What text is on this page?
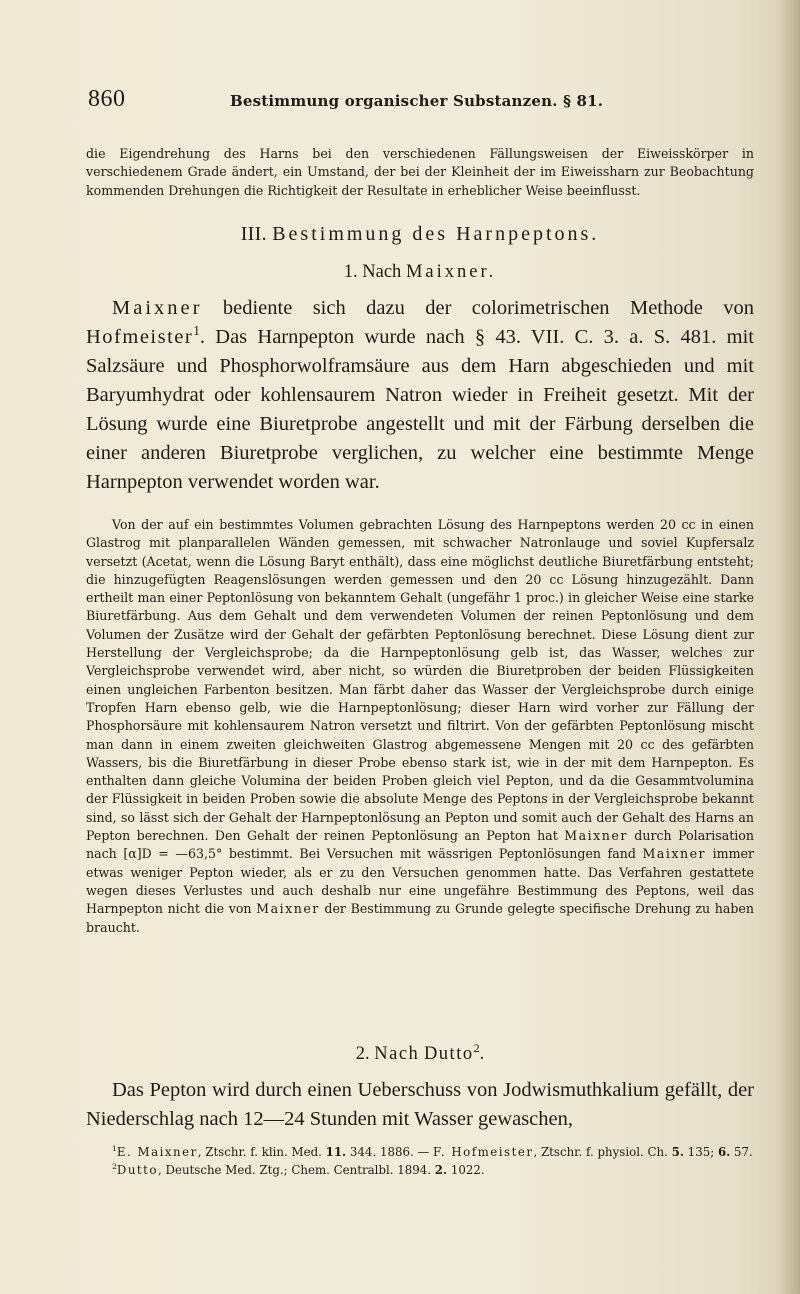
860	Bestimmung organischer Substanzen. § 81.

die Eigendrehung des Harns bei den verschiedenen Fällungsweisen der Eiweisskörper in verschiedenem Grade ändert, ein Umstand, der bei der Kleinheit der im Eiweissharn zur Beobachtung kommenden Drehungen die Richtigkeit der Resultate in erheblicher Weise beeinflusst.

III. Bestimmung des Harnpeptons.

1. Nach Maixner.

Maixner bediente sich dazu der colorimetrischen Methode von Hofmeister$^1$. Das Harnpepton wurde nach § 43. VII. C. 3. a. S. 481. mit Salzsäure und Phosphorwolframsäure aus dem Harn abgeschieden und mit Baryumhydrat oder kohlensaurem Natron wieder in Freiheit gesetzt. Mit der Lösung wurde eine Biuretprobe angestellt und mit der Färbung derselben die einer anderen Biuretprobe verglichen, zu welcher eine bestimmte Menge Harnpepton verwendet worden war.

Von der auf ein bestimmtes Volumen gebrachten Lösung des Harnpeptons werden 20 cc in einen Glastrog mit planparallelen Wänden gemessen, mit schwacher Natronlauge und soviel Kupfersalz versetzt (Acetat, wenn die Lösung Baryt enthält), dass eine möglichst deutliche Biuretfärbung entsteht; die hinzugefügten Reagenslösungen werden gemessen und den 20 cc Lösung hinzugezählt. Dann ertheilt man einer Peptonlösung von bekanntem Gehalt (ungefähr 1 proc.) in gleicher Weise eine starke Biuretfärbung. Aus dem Gehalt und dem verwendeten Volumen der reinen Peptonlösung und dem Volumen der Zusätze wird der Gehalt der gefärbten Peptonlösung berechnet. Diese Lösung dient zur Herstellung der Vergleichsprobe; da die Harnpeptonlösung gelb ist, das Wasser, welches zur Vergleichsprobe verwendet wird, aber nicht, so würden die Biuretproben der beiden Flüssigkeiten einen ungleichen Farbenton besitzen. Man färbt daher das Wasser der Vergleichsprobe durch einige Tropfen Harn ebenso gelb, wie die Harnpeptonlösung; dieser Harn wird vorher zur Fällung der Phosphorsäure mit kohlensaurem Natron versetzt und filtrirt. Von der gefärbten Peptonlösung mischt man dann in einem zweiten gleichweiten Glastrog abgemessene Mengen mit 20 cc des gefärbten Wassers, bis die Biuretfärbung in dieser Probe ebenso stark ist, wie in der mit dem Harnpepton. Es enthalten dann gleiche Volumina der beiden Proben gleich viel Pepton, und da die Gesammtvolumina der Flüssigkeit in beiden Proben sowie die absolute Menge des Peptons in der Vergleichsprobe bekannt sind, so lässt sich der Gehalt der Harnpeptonlösung an Pepton und somit auch der Gehalt des Harns an Pepton berechnen. Den Gehalt der reinen Peptonlösung an Pepton hat Maixner durch Polarisation nach [α]D = —63,5° bestimmt. Bei Versuchen mit wässrigen Peptonlösungen fand Maixner immer etwas weniger Pepton wieder, als er zu den Versuchen genommen hatte. Das Verfahren gestattete wegen dieses Verlustes und auch deshalb nur eine ungefähre Bestimmung des Peptons, weil das Harnpepton nicht die von Maixner der Bestimmung zu Grunde gelegte specifische Drehung zu haben braucht.

2. Nach Dutto$^2$.

Das Pepton wird durch einen Ueberschuss von Jodwismuthkalium gefällt, der Niederschlag nach 12—24 Stunden mit Wasser gewaschen,

$^1$E. Maixner, Ztschr. f. klin. Med. 11. 344. 1886. — F. Hofmeister, Ztschr. f. physiol. Ch. 5. 135; 6. 57.

$^2$Dutto, Deutsche Med. Ztg.; Chem. Centralbl. 1894. 2. 1022.
